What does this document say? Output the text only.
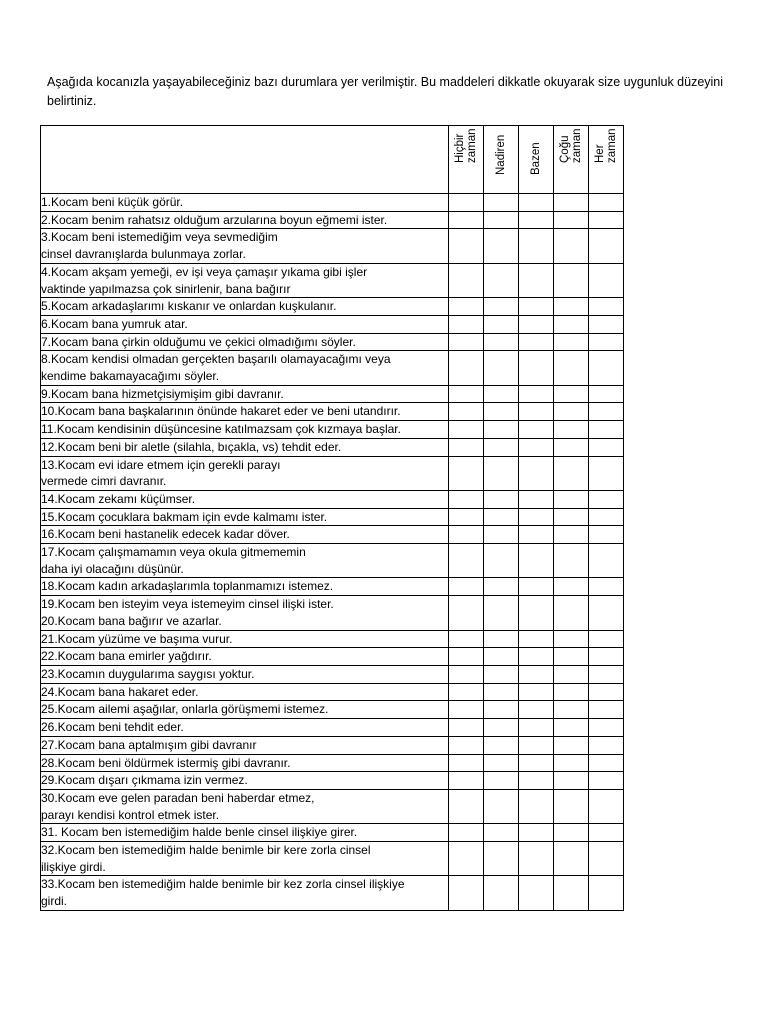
Aşağıda kocanızla yaşayabileceğiniz bazı durumlara yer verilmiştir. Bu maddeleri dikkatle okuyarak size uygunluk düzeyini belirtiniz.

	Hiçbir zaman	Nadiren	Bazen	Çoğu zaman	Her zaman

1.Kocam beni küçük görür.					
2.Kocam benim rahatsız olduğum arzularına boyun eğmemi ister.					
3.Kocam beni istemediğim veya sevmediğim
cinsel davranışlarda bulunmaya zorlar.					
4.Kocam akşam yemeği, ev işi veya çamaşır yıkama gibi işler
vaktinde yapılmazsa çok sinirlenir, bana bağırır					
5.Kocam arkadaşlarımı kıskanır ve onlardan kuşkulanır.					
6.Kocam bana yumruk atar.					
7.Kocam bana çirkin olduğumu ve çekici olmadığımı söyler.					
8.Kocam kendisi olmadan gerçekten başarılı olamayacağımı veya
kendime bakamayacağımı söyler.					
9.Kocam bana hizmetçisiymişim gibi davranır.					
10.Kocam bana başkalarının önünde hakaret eder ve beni utandırır.					
11.Kocam kendisinin düşüncesine katılmazsam çok kızmaya başlar.					
12.Kocam beni bir aletle (silahla, bıçakla, vs) tehdit eder.					
13.Kocam evi idare etmem için gerekli parayı
vermede cimri davranır.					
14.Kocam zekamı küçümser.					
15.Kocam çocuklara bakmam için evde kalmamı ister.					
16.Kocam beni hastanelik edecek kadar döver.					
17.Kocam çalışmamamın veya okula gitmememin
daha iyi olacağını düşünür.					
18.Kocam kadın arkadaşlarımla toplanmamızı istemez.					
19.Kocam ben isteyim veya istemeyim cinsel ilişki ister.
20.Kocam bana bağırır ve azarlar.					
21.Kocam yüzüme ve başıma vurur.					
22.Kocam bana emirler yağdırır.					
23.Kocamın duygularıma saygısı yoktur.					
24.Kocam bana hakaret eder.					
25.Kocam ailemi aşağılar, onlarla görüşmemi istemez.					
26.Kocam beni tehdit eder.					
27.Kocam bana aptalmışım gibi davranır					
28.Kocam beni öldürmek istermiş gibi davranır.					
29.Kocam dışarı çıkmama izin vermez.					
30.Kocam eve gelen paradan beni haberdar etmez,
parayı kendisi kontrol etmek ister.					
31. Kocam ben istemediğim halde benle cinsel ilişkiye girer.					
32.Kocam ben istemediğim halde benimle bir kere zorla cinsel
ilişkiye girdi.					
33.Kocam ben istemediğim halde benimle bir kez zorla cinsel ilişkiye
girdi.					
